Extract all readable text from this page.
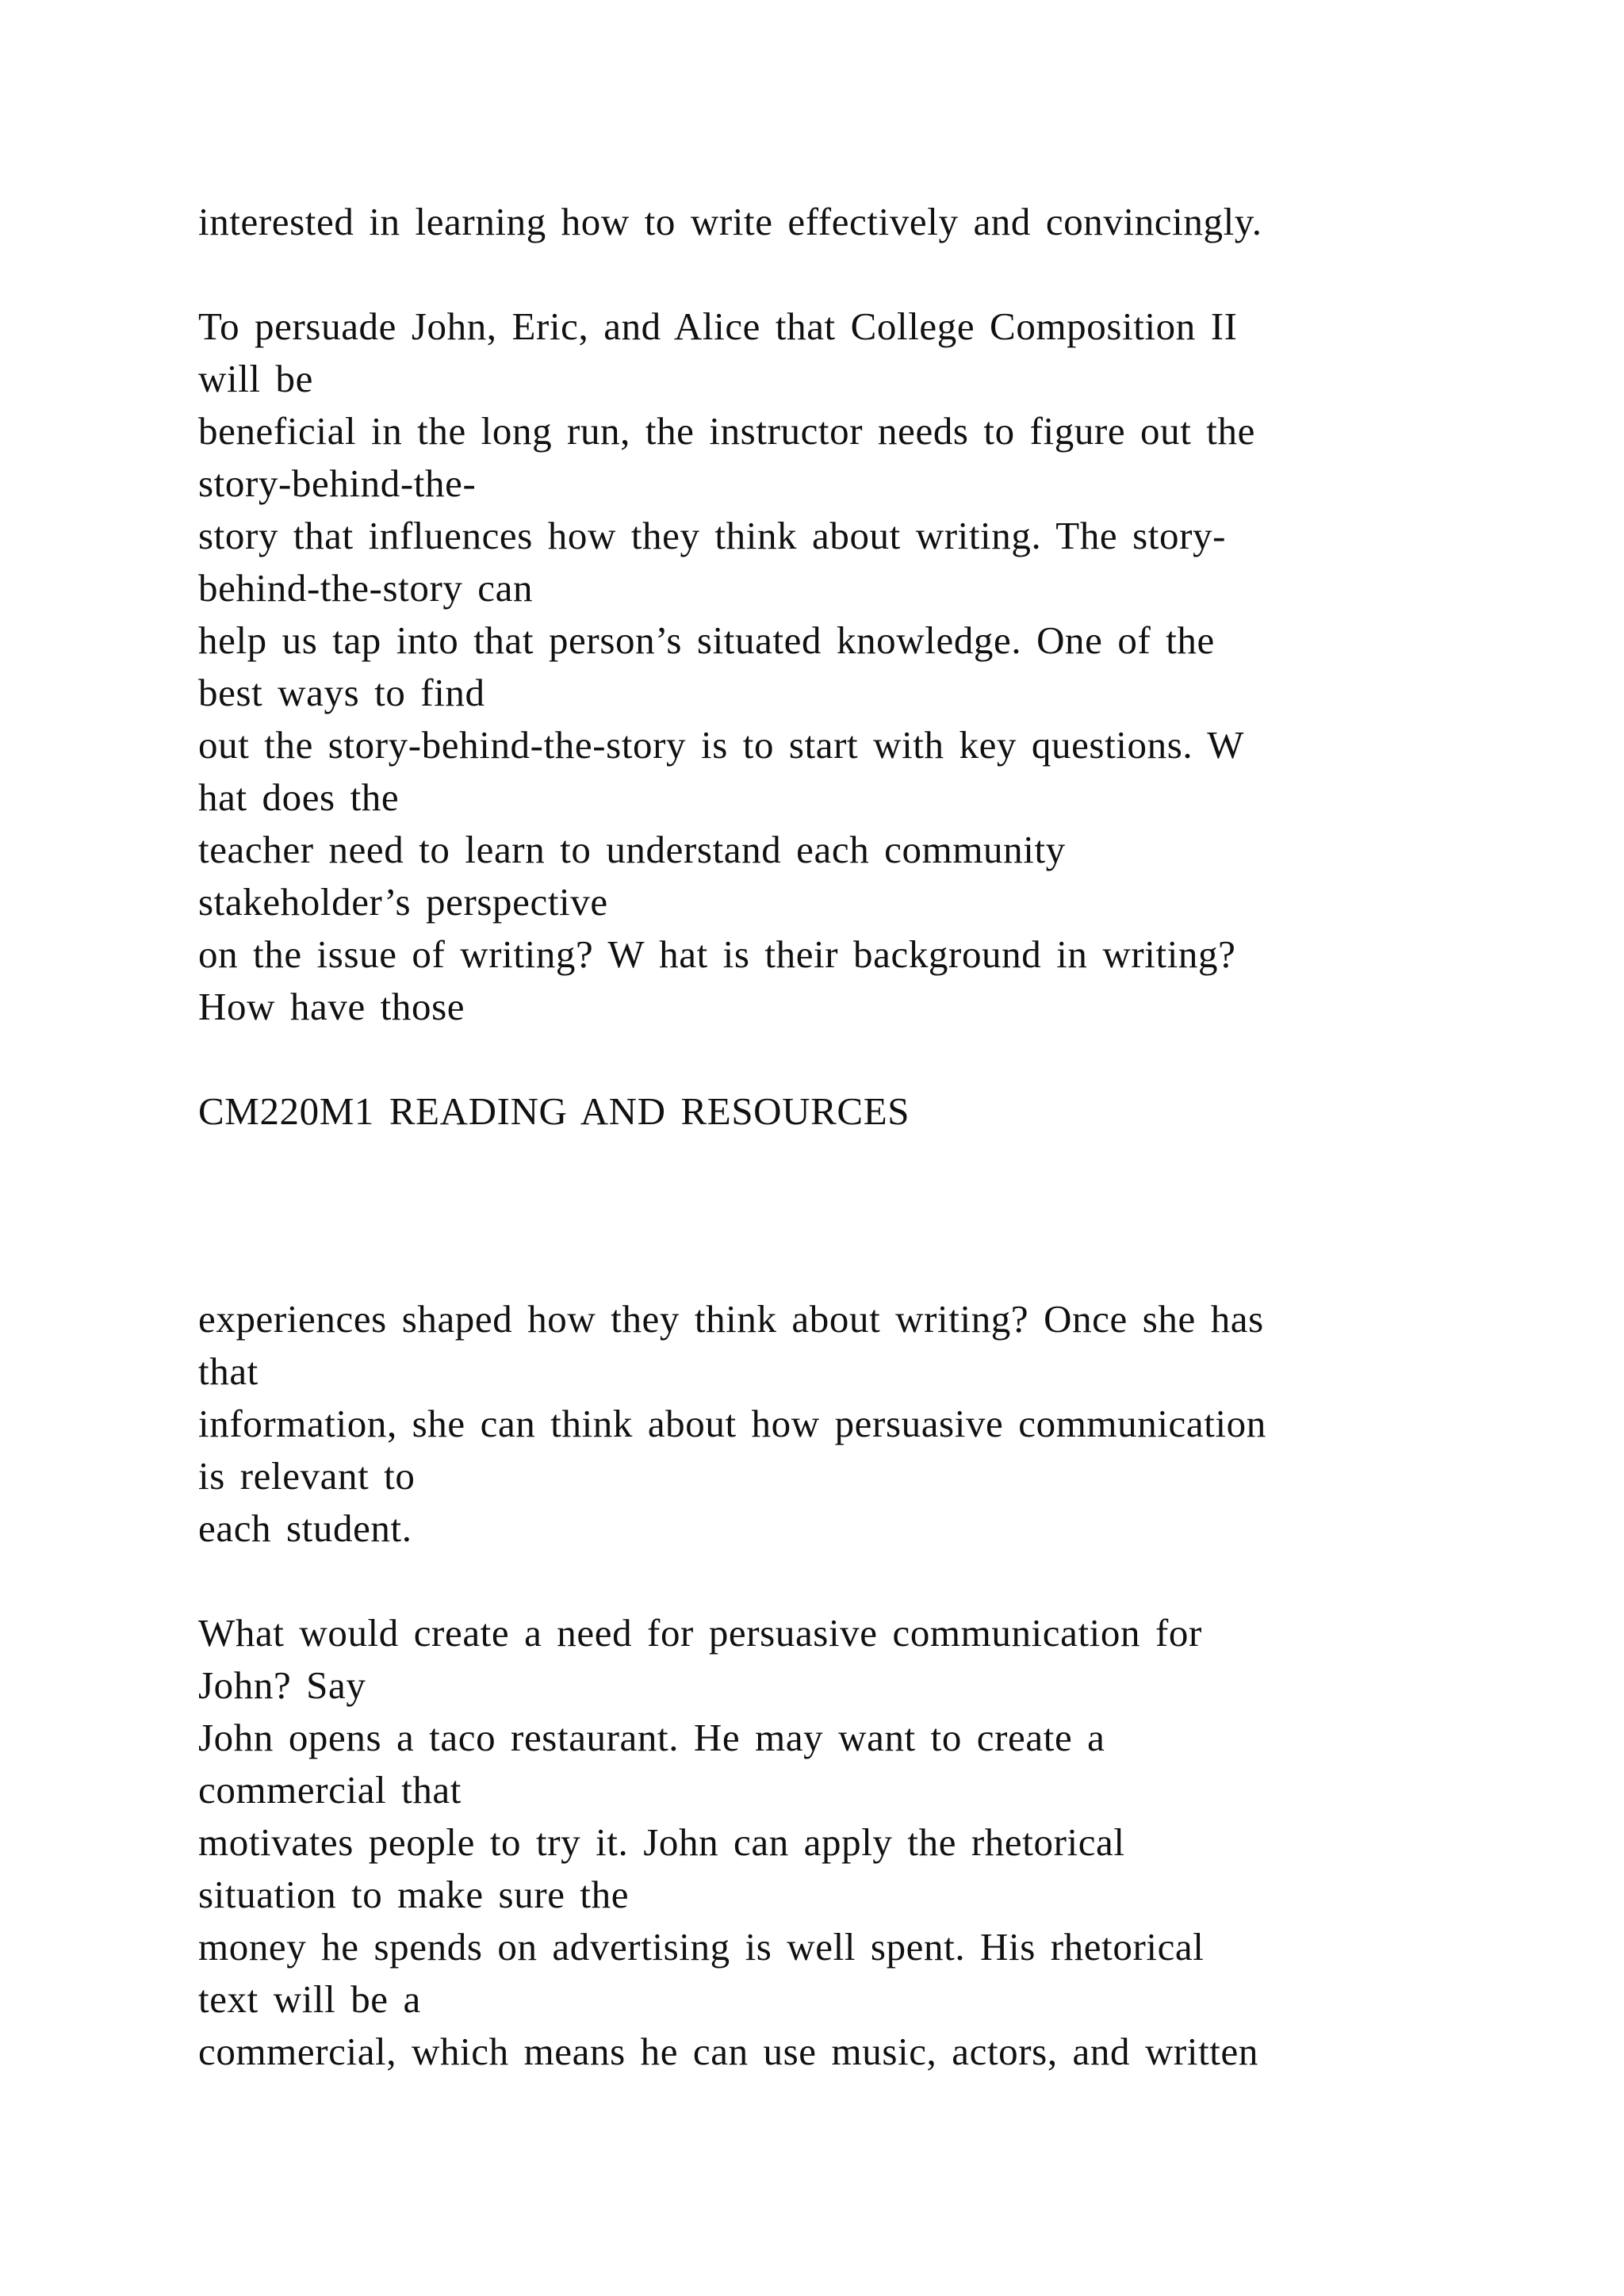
interested in learning how to write effectively and convincingly.

To persuade John, Eric, and Alice that College Composition II

will be

beneficial in the long run, the instructor needs to figure out the

story-behind-the-

story that influences how they think about writing. The story-

behind-the-story can

help us tap into that person’s situated knowledge. One of the

best ways to find

out the story-behind-the-story is to start with key questions. W

hat does the

teacher need to learn to understand each community

stakeholder’s perspective

on the issue of writing? W hat is their background in writing?

How have those

CM220M1 READING AND RESOURCES

experiences shaped how they think about writing? Once she has

that

information, she can think about how persuasive communication

is relevant to

each student.

What would create a need for persuasive communication for

John? Say

John opens a taco restaurant. He may want to create a

commercial that

motivates people to try it. John can apply the rhetorical

situation to make sure the

money he spends on advertising is well spent. His rhetorical

text will be a

commercial, which means he can use music, actors, and written
